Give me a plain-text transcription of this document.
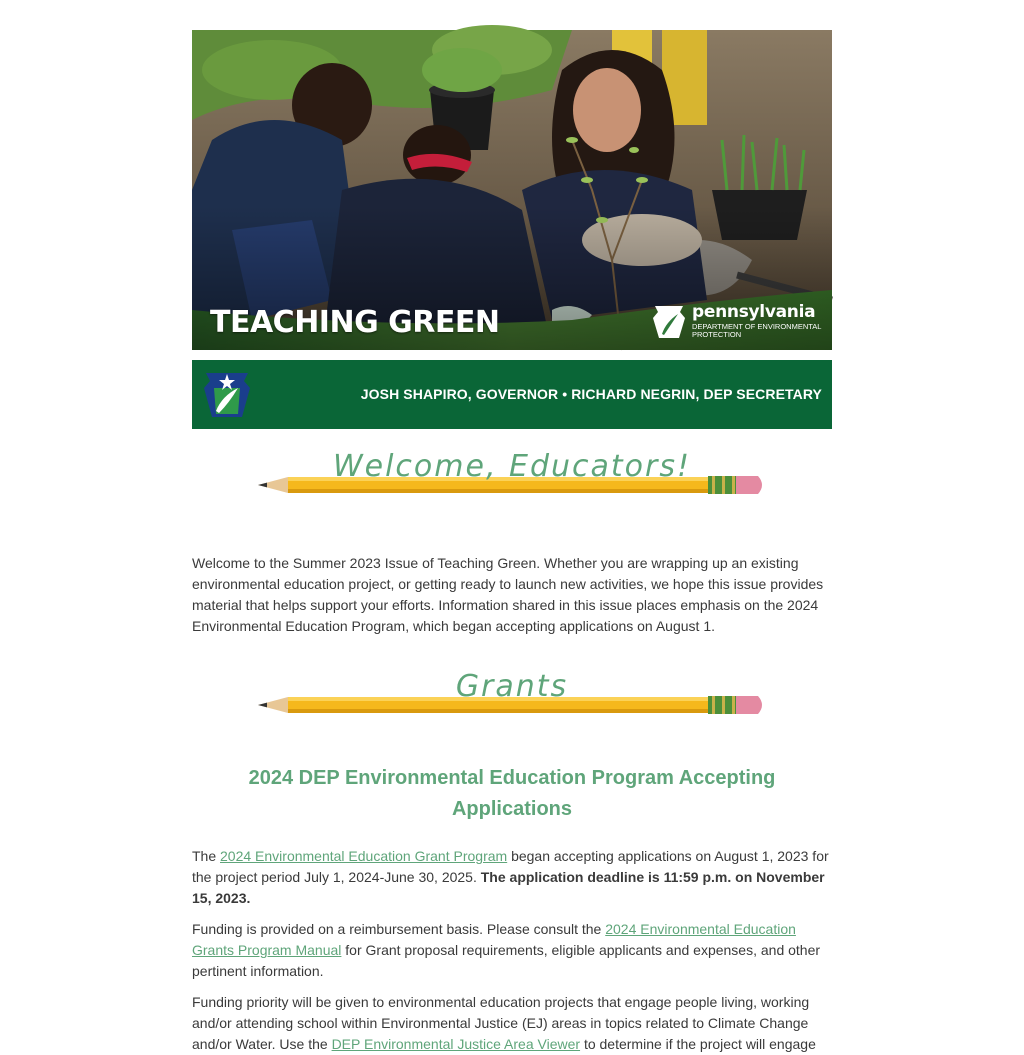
TEACHING GREEN	pennsylvania
DEPARTMENT OF ENVIRONMENTAL PROTECTION
JOSH SHAPIRO, GOVERNOR • RICHARD NEGRIN, DEP SECRETARY
Welcome, Educators!

Welcome to the Summer 2023 Issue of Teaching Green. Whether you are wrapping up an existing environmental education project, or getting ready to launch new activities, we hope this issue provides material that helps support your efforts. Information shared in this issue places emphasis on the 2024 Environmental Education Program, which began accepting applications on August 1.

Grants
2024 DEP Environmental Education Program Accepting Applications

The 2024 Environmental Education Grant Program began accepting applications on August 1, 2023 for the project period July 1, 2024-June 30, 2025. The application deadline is 11:59 p.m. on November 15, 2023.

Funding is provided on a reimbursement basis. Please consult the 2024 Environmental Education Grants Program Manual for Grant proposal requirements, eligible applicants and expenses, and other pertinent information.

Funding priority will be given to environmental education projects that engage people living, working and/or attending school within Environmental Justice (EJ) areas in topics related to Climate Change and/or Water. Use the DEP Environmental Justice Area Viewer to determine if the project will engage
